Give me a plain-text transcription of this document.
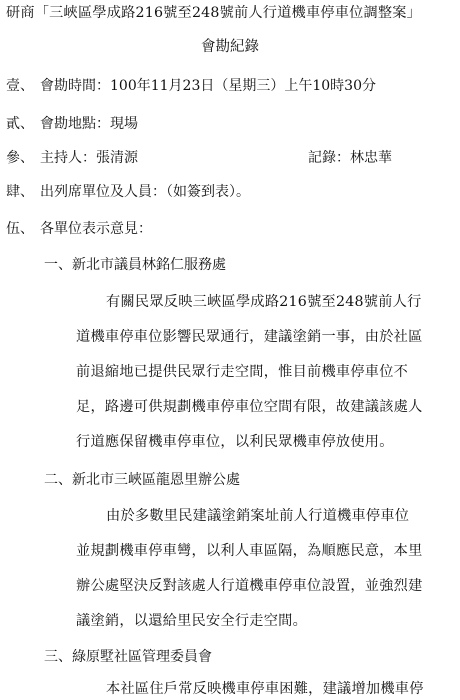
研商「三峽區學成路216號至248號前人行道機車停車位調整案」
會勘紀錄
壹、 會勘時間：100年11月23日（星期三）上午10時30分
貳、 會勘地點：現場
參、 主持人：張清源	記錄：林忠華
肆、 出列席單位及人員：（如簽到表）。
伍、 各單位表示意見：
一、新北市議員林銘仁服務處
有關民眾反映三峽區學成路216號至248號前人行
道機車停車位影響民眾通行，建議塗銷一事，由於社區
前退縮地已提供民眾行走空間，惟目前機車停車位不
足，路邊可供規劃機車停車位空間有限，故建議該處人
行道應保留機車停車位，以利民眾機車停放使用。
二、新北市三峽區龍恩里辦公處
由於多數里民建議塗銷案址前人行道機車停車位
並規劃機車停車彎，以利人車區隔，為順應民意，本里
辦公處堅決反對該處人行道機車停車位設置，並強烈建
議塗銷，以還給里民安全行走空間。
三、綠原墅社區管理委員會
本社區住戶常反映機車停車困難，建議增加機車停
